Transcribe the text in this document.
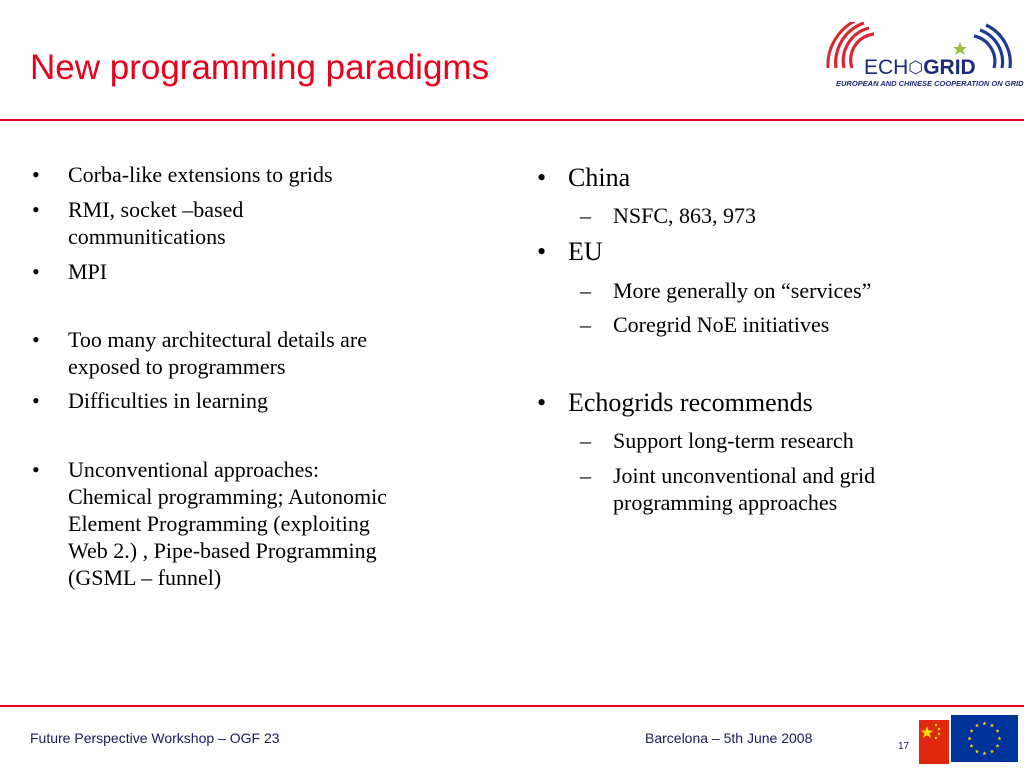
New programming paradigms	ECH⬡GRID
EUROPEAN AND CHINESE COOPERATION ON GRID
• Corba-like extensions to grids
• RMI, socket –based
communitications
• MPI
• Too many architectural details are
exposed to programmers
• Difficulties in learning
• Unconventional approaches:
Chemical programming; Autonomic
Element Programming (exploiting
Web 2.) , Pipe-based Programming
(GSML – funnel)
• China
– NSFC, 863, 973
• EU
– More generally on “services”
– Coregrid NoE initiatives
• Echogrids recommends
– Support long-term research
– Joint unconventional and grid
programming approaches
Future Perspective Workshop – OGF 23	Barcelona – 5th June 2008
17
